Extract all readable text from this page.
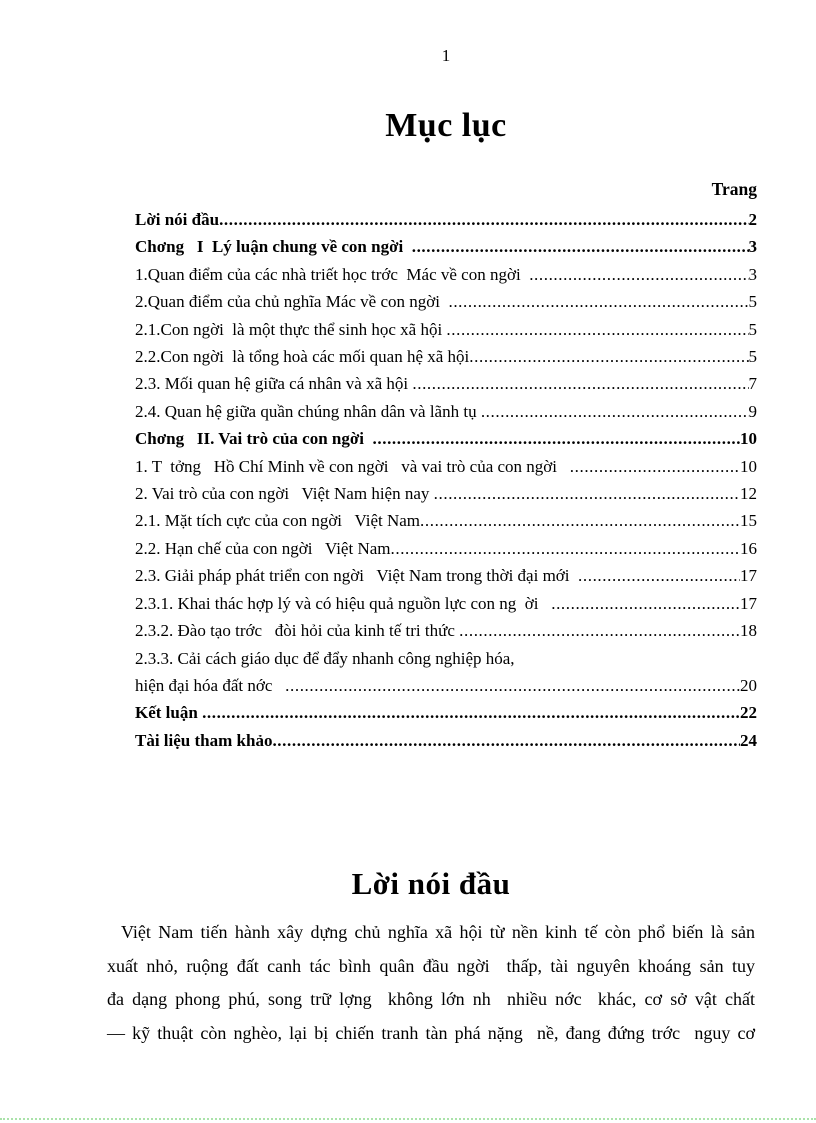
1
Mục lục
Trang
Lời nói đầu .....	2
Chơng   I  Lý luận chung về con ngời .....	3
1.Quan điểm của các nhà triết học trớc  Mác về con ngời .....	3
2.Quan điểm của chủ nghĩa Mác về con ngời .....	5
2.1.Con ngời  là một thực thể sinh học xã hội .....	5
2.2.Con ngời  là tổng hoà các mối quan hệ xã hội .....	5
2.3. Mối quan hệ giữa cá nhân và xã hội .....	7
2.4. Quan hệ giữa quần chúng nhân dân và lãnh tụ .....	9
Chơng   II. Vai trò của con ngời .....	10
1. T  tởng   Hồ Chí Minh về con ngời   và vai trò của con ngời .....	10
2. Vai trò của con ngời   Việt Nam hiện nay .....	12
2.1. Mặt tích cực của con ngời   Việt Nam .....	15
2.2. Hạn chế của con ngời   Việt Nam .....	16
2.3. Giải pháp phát triển con ngời   Việt Nam trong thời đại mới .....	17
2.3.1. Khai thác hợp lý và có hiệu quả nguồn lực con ng  ời .....	17
2.3.2. Đào tạo trớc   đòi hỏi của kinh tế tri thức .....	18
2.3.3. Cải cách giáo dục để đẩy nhanh công nghiệp hóa,
hiện đại hóa đất nớc .....	20
Kết luận .....	22
Tài liệu tham khảo .....	24
Lời nói đầu
Việt Nam tiến hành xây dựng chủ nghĩa xã hội từ nền kinh tế còn phổ biến là sản
xuất nhỏ, ruộng đất canh tác bình quân đầu ngời  thấp, tài nguyên khoáng sản tuy
đa dạng phong phú, song trữ lợng  không lớn nh  nhiều nớc  khác, cơ sở vật chất
— kỹ thuật còn nghèo, lại bị chiến tranh tàn phá nặng  nề, đang đứng trớc  nguy cơ
